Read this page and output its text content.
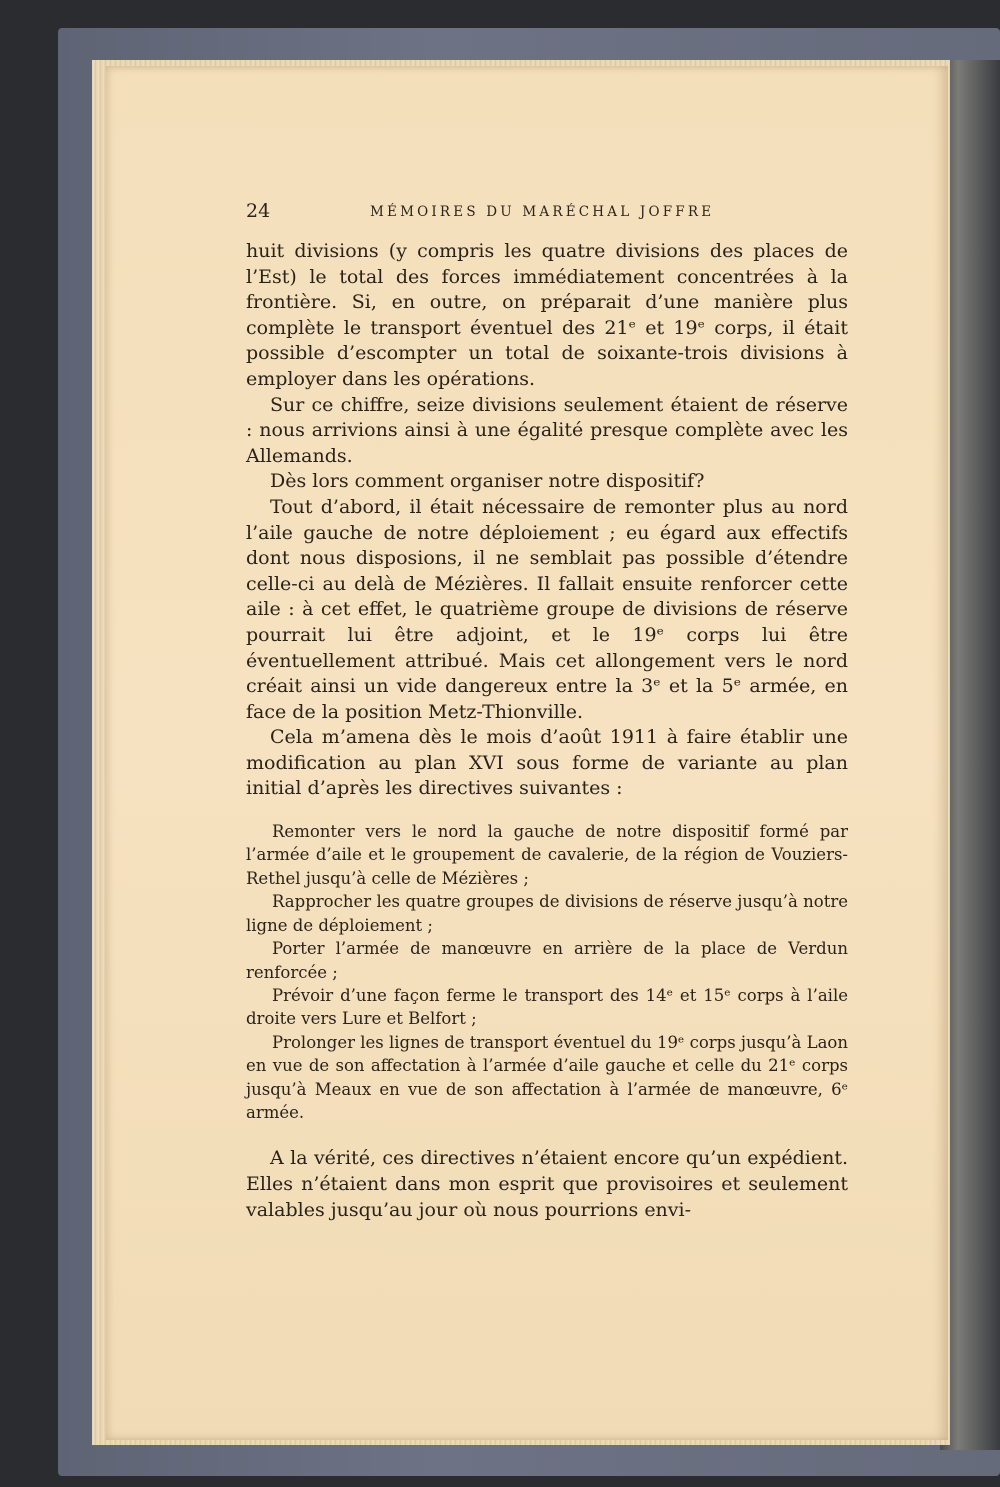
24	MÉMOIRES DU MARÉCHAL JOFFRE

huit divisions (y compris les quatre divisions des places de l’Est) le total des forces immédiatement concentrées à la frontière. Si, en outre, on préparait d’une manière plus complète le transport éventuel des 21ᵉ et 19ᵉ corps, il était possible d’escompter un total de soixante-trois divisions à employer dans les opérations.

Sur ce chiffre, seize divisions seulement étaient de réserve : nous arrivions ainsi à une égalité presque complète avec les Allemands.

Dès lors comment organiser notre dispositif?

Tout d’abord, il était nécessaire de remonter plus au nord l’aile gauche de notre déploiement ; eu égard aux effectifs dont nous disposions, il ne semblait pas possible d’étendre celle-ci au delà de Mézières. Il fallait ensuite renforcer cette aile : à cet effet, le quatrième groupe de divisions de réserve pourrait lui être adjoint, et le 19ᵉ corps lui être éventuellement attribué. Mais cet allongement vers le nord créait ainsi un vide dangereux entre la 3ᵉ et la 5ᵉ armée, en face de la position Metz-Thionville.

Cela m’amena dès le mois d’août 1911 à faire établir une modification au plan XVI sous forme de variante au plan initial d’après les directives suivantes :

Remonter vers le nord la gauche de notre dispositif formé par l’armée d’aile et le groupement de cavalerie, de la région de Vouziers-Rethel jusqu’à celle de Mézières ;

Rapprocher les quatre groupes de divisions de réserve jusqu’à notre ligne de déploiement ;

Porter l’armée de manœuvre en arrière de la place de Verdun renforcée ;

Prévoir d’une façon ferme le transport des 14ᵉ et 15ᵉ corps à l’aile droite vers Lure et Belfort ;

Prolonger les lignes de transport éventuel du 19ᵉ corps jusqu’à Laon en vue de son affectation à l’armée d’aile gauche et celle du 21ᵉ corps jusqu’à Meaux en vue de son affectation à l’armée de manœuvre, 6ᵉ armée.

A la vérité, ces directives n’étaient encore qu’un expédient. Elles n’étaient dans mon esprit que provisoires et seulement valables jusqu’au jour où nous pourrions envi-
